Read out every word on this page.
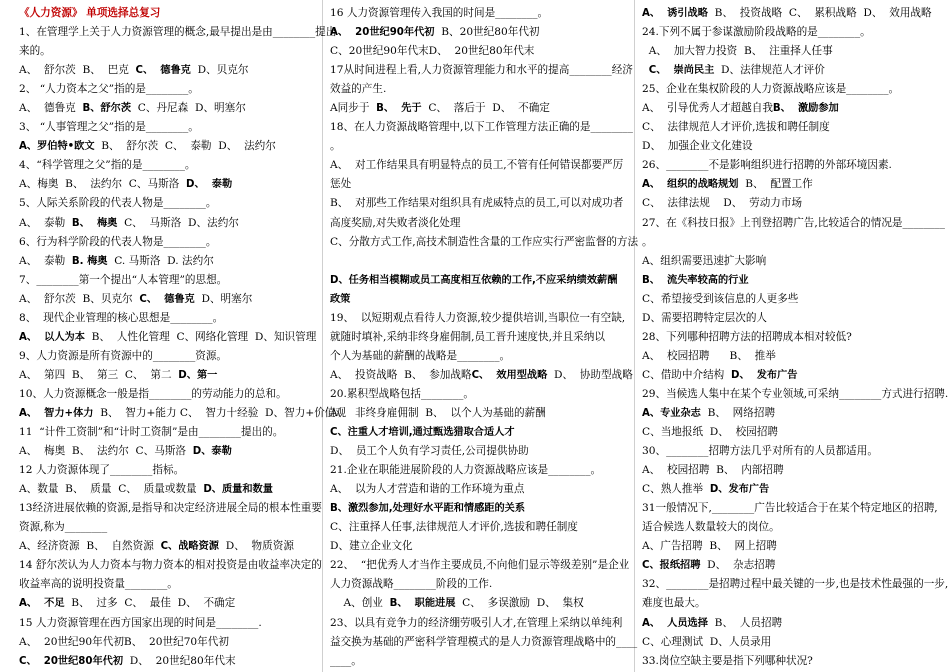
《人力资源》 单项选择总复习
1、在管理学上关于人力资源管理的概念,最早提出是由________提出
来的。
A、  舒尔茨  B、  巴克  C、  德鲁克  D、贝克尔
2、 “人力资本之父”指的是________。
A、  德鲁克  B、舒尔茨  C、丹尼森  D、明塞尔
3、 “人事管理之父”指的是________。
A、罗伯特•欧文  B、  舒尔茨  C、  泰勒  D、  法约尔
4、“科学管理之父”指的是________。
A、梅奥  B、  法约尔  C、马斯洛  D、  泰勒
5、人际关系阶段的代表人物是________。
A、  泰勒  B、  梅奥  C、  马斯洛  D、法约尔
6、行为科学阶段的代表人物是________。
A、  泰勒  B. 梅奥  C. 马斯洛  D. 法约尔
7、________第一个提出“人本管理”的思想。
A、  舒尔茨  B、贝克尔  C、  德鲁克  D、明塞尔
8、  现代企业管理的核心思想是________。
A、  以人为本  B、  人性化管理  C、网络化管理  D、知识管理
9、人力资源是所有资源中的________资源。
A、  第四  B、  第三  C、  第二  D、第一
10、人力资源概念一般是指________的劳动能力的总和。
A、  智力+体力  B、  智力+能力 C、  智力十经验  D、智力+价值观
11  “计件工资制”和“计时工资制”是由________提出的。
A、  梅奥  B、  法约尔  C、马斯洛  D、泰勒
12 人力资源体现了________指标。
A、数量  B、  质量  C、  质量或数量  D、质量和数量
13经济进展依赖的资源,是指导和决定经济进展全局的根本性重要
资源,称为________
A、经济资源  B、  自然资源  C、战略资源  D、  物质资源
14 舒尔茨认为人力资本与物力资本的相对投资是由收益率决定的
收益率高的说明投资量________。
A、  不足  B、  过多  C、  最佳  D、  不确定
15 人力资源管理在西方国家出现的时间是________.
A、  20世纪90年代初B、  20世纪70年代初
C、  20世纪80年代初  D、  20世纪80年代末
16 人力资源管理传入我国的时间是________。
A、  20世纪90年代初  B、20世纪80年代初
C、20世纪90年代末D、  20世纪80年代末
17从时间进程上看,人力资源管理能力和水平的提高________经济
效益的产生.
A同步于  B、  先于  C、  落后于  D、  不确定
18、在人力资源战略管理中,以下工作管理方法正确的是________
。
A、  对工作结果具有明显特点的员工,不管有任何错误都要严厉
惩处
B、  对那些工作结果对组织具有虎威特点的员工,可以对成功者
高度奖励,对失败者淡化处理
C、分散方式工作,高技术制造性含量的工作应实行严密监督的方法
D、任务相当模糊或员工高度相互依赖的工作,不应采纳绩效薪酬
政策
19、  以短期观点看待人力资源,较少提供培训,当职位一有空缺,
就随时填补,采纳非终身雇佣制,员工晋升速度快,并且采纳以
个人为基础的薪酬的战略是________。
A、  投资战略  B、  参加战略C、  效用型战略  D、  协助型战略
20.累积型战略包括________。
A、  非终身雇佣制  B、  以个人为基础的薪酬
C、注重人才培训,通过甄选猎取合适人才
D、  员工个人负有学习责任,公司提供协助
21.企业在职能进展阶段的人力资源战略应该是________。
A、  以为人才营造和谐的工作环境为重点
B、激烈参加,处理好水平距和情感距的关系
C、注重择人任事,法律规范人才评价,选拔和聘任制度
D、建立企业文化
22、  “把优秀人才当作主要成员,不向他们显示等级差别”是企业
人力资源战略________阶段的工作.
A、创业  B、  职能进展  C、  多误激励  D、  集权
23、以具有竞争力的经济绷劳吸引人才,在管理上采纳以单纯利
益交换为基础的严密科学管理模式的是人力资源管理战略中的____
____。
A、  诱引战略  B、  投资战略  C、  累积战略  D、  效用战略
24.下列不属于参谋激励阶段战略的是________。
A、  加大智力投资  B、  注重择人任事
C、  崇尚民主  D、法律规范人才评价
25、企业在集权阶段的人力资源战略应该是________。
A、  引导优秀人才超越自我B、  激励参加
C、  法律规范人才评价,选拔和聘任制度
D、  加强企业文化建设
26、________不是影响组织进行招聘的外部环境因素.
A、  组织的战略规划  B、  配置工作
C、  法律法规    D、  劳动力市场
27、在《科技日报》上刊登招聘广告,比较适合的情况是________
。
A、组织需要迅速扩大影响
B、  流失率较高的行业
C、希望接受到该信息的人更多些
D、需要招聘特定层次的人
28、下列哪种招聘方法的招聘成本相对较低?
A、  校园招聘      B、  推举
C、借助中介结构  D、  发布广告
29、当候选人集中在某个专业领域,可采纳________方式进行招聘.
A、专业杂志  B、  网络招聘
C、当地报纸  D、  校园招聘
30、________招聘方法几乎对所有的人员都适用。
A、  校园招聘  B、  内部招聘
C、熟人推举  D、发布广告
31一般情况下,________广告比较适合于在某个特定地区的招聘,
适合候选人数量较大的岗位。
A、广告招聘  B、  网上招聘
C、报纸招聘  D、  杂志招聘
32、________是招聘过程中最关键的一步,也是技术性最强的一步,
难度也最大。
A、  人员选择  B、  人员招聘
C、心理测试  D、人员录用
33.岗位空缺主要是指下列哪种状况?
